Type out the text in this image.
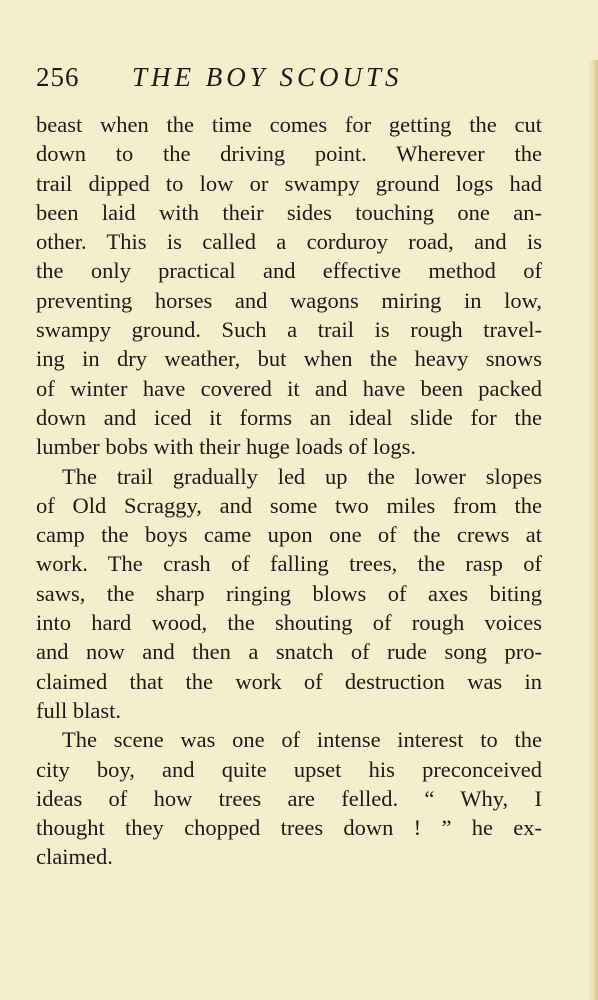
256 THE BOY SCOUTS
beast when the time comes for getting the cut
down to the driving point. Wherever the
trail dipped to low or swampy ground logs had
been laid with their sides touching one an-
other. This is called a corduroy road, and is
the only practical and effective method of
preventing horses and wagons miring in low,
swampy ground. Such a trail is rough travel-
ing in dry weather, but when the heavy snows
of winter have covered it and have been packed
down and iced it forms an ideal slide for the
lumber bobs with their huge loads of logs.
The trail gradually led up the lower slopes
of Old Scraggy, and some two miles from the
camp the boys came upon one of the crews at
work. The crash of falling trees, the rasp of
saws, the sharp ringing blows of axes biting
into hard wood, the shouting of rough voices
and now and then a snatch of rude song pro-
claimed that the work of destruction was in
full blast.
The scene was one of intense interest to the
city boy, and quite upset his preconceived
ideas of how trees are felled. “ Why, I
thought they chopped trees down ! ” he ex-
claimed.
